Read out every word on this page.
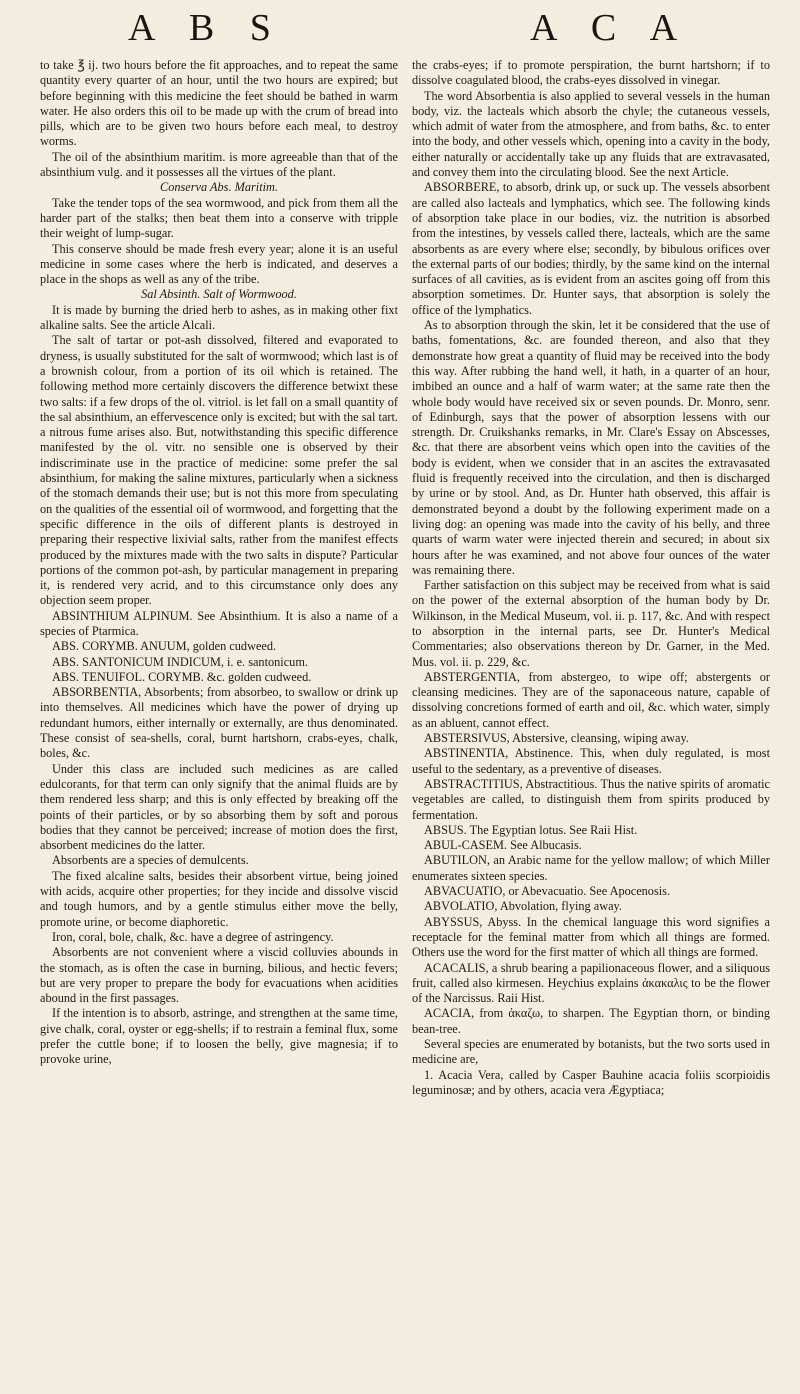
A B S	A C A

to take ℥ ij. two hours before the fit approaches, and to repeat the same quantity every quarter of an hour, until the two hours are expired; but before beginning with this medicine the feet should be bathed in warm water. He also orders this oil to be made up with the crum of bread into pills, which are to be given two hours before each meal, to destroy worms.

The oil of the absinthium maritim. is more agreeable than that of the absinthium vulg. and it possesses all the virtues of the plant.

Conserva Abs. Maritim.

Take the tender tops of the sea wormwood, and pick from them all the harder part of the stalks; then beat them into a conserve with tripple their weight of lump-sugar.

This conserve should be made fresh every year; alone it is an useful medicine in some cases where the herb is indicated, and deserves a place in the shops as well as any of the tribe.

Sal Absinth. Salt of Wormwood.

It is made by burning the dried herb to ashes, as in making other fixt alkaline salts. See the article Alcali.

The salt of tartar or pot-ash dissolved, filtered and evaporated to dryness, is usually substituted for the salt of wormwood; which last is of a brownish colour, from a portion of its oil which is retained. The following method more certainly discovers the difference betwixt these two salts: if a few drops of the ol. vitriol. is let fall on a small quantity of the sal absinthium, an effervescence only is excited; but with the sal tart. a nitrous fume arises also. But, notwithstanding this specific difference manifested by the ol. vitr. no sensible one is observed by their indiscriminate use in the practice of medicine: some prefer the sal absinthium, for making the saline mixtures, particularly when a sickness of the stomach demands their use; but is not this more from speculating on the qualities of the essential oil of wormwood, and forgetting that the specific difference in the oils of different plants is destroyed in preparing their respective lixivial salts, rather from the manifest effects produced by the mixtures made with the two salts in dispute? Particular portions of the common pot-ash, by particular management in preparing it, is rendered very acrid, and to this circumstance only does any objection seem proper.

ABSINTHIUM ALPINUM. See Absinthium. It is also a name of a species of Ptarmica.

ABS. CORYMB. ANUUM, golden cudweed.

ABS. SANTONICUM INDICUM, i. e. santonicum.

ABS. TENUIFOL. CORYMB. &c. golden cudweed.

ABSORBENTIA, Absorbents; from absorbeo, to swallow or drink up into themselves. All medicines which have the power of drying up redundant humors, either internally or externally, are thus denominated. These consist of sea-shells, coral, burnt hartshorn, crabs-eyes, chalk, boles, &c.

Under this class are included such medicines as are called edulcorants, for that term can only signify that the animal fluids are by them rendered less sharp; and this is only effected by breaking off the points of their particles, or by so absorbing them by soft and porous bodies that they cannot be perceived; increase of motion does the first, absorbent medicines do the latter.

Absorbents are a species of demulcents.

The fixed alcaline salts, besides their absorbent virtue, being joined with acids, acquire other properties; for they incide and dissolve viscid and tough humors, and by a gentle stimulus either move the belly, promote urine, or become diaphoretic.

Iron, coral, bole, chalk, &c. have a degree of astringency.

Absorbents are not convenient where a viscid colluvies abounds in the stomach, as is often the case in burning, bilious, and hectic fevers; but are very proper to prepare the body for evacuations when acidities abound in the first passages.

If the intention is to absorb, astringe, and strengthen at the same time, give chalk, coral, oyster or egg-shells; if to restrain a feminal flux, some prefer the cuttle bone; if to loosen the belly, give magnesia; if to provoke urine,

the crabs-eyes; if to promote perspiration, the burnt hartshorn; if to dissolve coagulated blood, the crabs-eyes dissolved in vinegar.

The word Absorbentia is also applied to several vessels in the human body, viz. the lacteals which absorb the chyle; the cutaneous vessels, which admit of water from the atmosphere, and from baths, &c. to enter into the body, and other vessels which, opening into a cavity in the body, either naturally or accidentally take up any fluids that are extravasated, and convey them into the circulating blood. See the next Article.

ABSORBERE, to absorb, drink up, or suck up. The vessels absorbent are called also lacteals and lymphatics, which see. The following kinds of absorption take place in our bodies, viz. the nutrition is absorbed from the intestines, by vessels called there, lacteals, which are the same absorbents as are every where else; secondly, by bibulous orifices over the external parts of our bodies; thirdly, by the same kind on the internal surfaces of all cavities, as is evident from an ascites going off from this absorption sometimes. Dr. Hunter says, that absorption is solely the office of the lymphatics.

As to absorption through the skin, let it be considered that the use of baths, fomentations, &c. are founded thereon, and also that they demonstrate how great a quantity of fluid may be received into the body this way. After rubbing the hand well, it hath, in a quarter of an hour, imbibed an ounce and a half of warm water; at the same rate then the whole body would have received six or seven pounds. Dr. Monro, senr. of Edinburgh, says that the power of absorption lessens with our strength. Dr. Cruikshanks remarks, in Mr. Clare's Essay on Abscesses, &c. that there are absorbent veins which open into the cavities of the body is evident, when we consider that in an ascites the extravasated fluid is frequently received into the circulation, and then is discharged by urine or by stool. And, as Dr. Hunter hath observed, this affair is demonstrated beyond a doubt by the following experiment made on a living dog: an opening was made into the cavity of his belly, and three quarts of warm water were injected therein and secured; in about six hours after he was examined, and not above four ounces of the water was remaining there.

Farther satisfaction on this subject may be received from what is said on the power of the external absorption of the human body by Dr. Wilkinson, in the Medical Museum, vol. ii. p. 117, &c. And with respect to absorption in the internal parts, see Dr. Hunter's Medical Commentaries; also observations thereon by Dr. Garner, in the Med. Mus. vol. ii. p. 229, &c.

ABSTERGENTIA, from abstergeo, to wipe off; abstergents or cleansing medicines. They are of the saponaceous nature, capable of dissolving concretions formed of earth and oil, &c. which water, simply as an abluent, cannot effect.

ABSTERSIVUS, Abstersive, cleansing, wiping away.

ABSTINENTIA, Abstinence. This, when duly regulated, is most useful to the sedentary, as a preventive of diseases.

ABSTRACTITIUS, Abstractitious. Thus the native spirits of aromatic vegetables are called, to distinguish them from spirits produced by fermentation.

ABSUS. The Egyptian lotus. See Raii Hist.

ABUL-CASEM. See Albucasis.

ABUTILON, an Arabic name for the yellow mallow; of which Miller enumerates sixteen species.

ABVACUATIO, or Abevacuatio. See Apocenosis.

ABVOLATIO, Abvolation, flying away.

ABYSSUS, Abyss. In the chemical language this word signifies a receptacle for the feminal matter from which all things are formed. Others use the word for the first matter of which all things are formed.

ACACALIS, a shrub bearing a papilionaceous flower, and a siliquous fruit, called also kirmesen. Heychius explains ἀκακαλις to be the flower of the Narcissus. Raii Hist.

ACACIA, from ἀκαζω, to sharpen. The Egyptian thorn, or binding bean-tree.

Several species are enumerated by botanists, but the two sorts used in medicine are,

1. Acacia Vera, called by Casper Bauhine acacia foliis scorpioidis leguminosæ; and by others, acacia vera Ægyptiaca;
